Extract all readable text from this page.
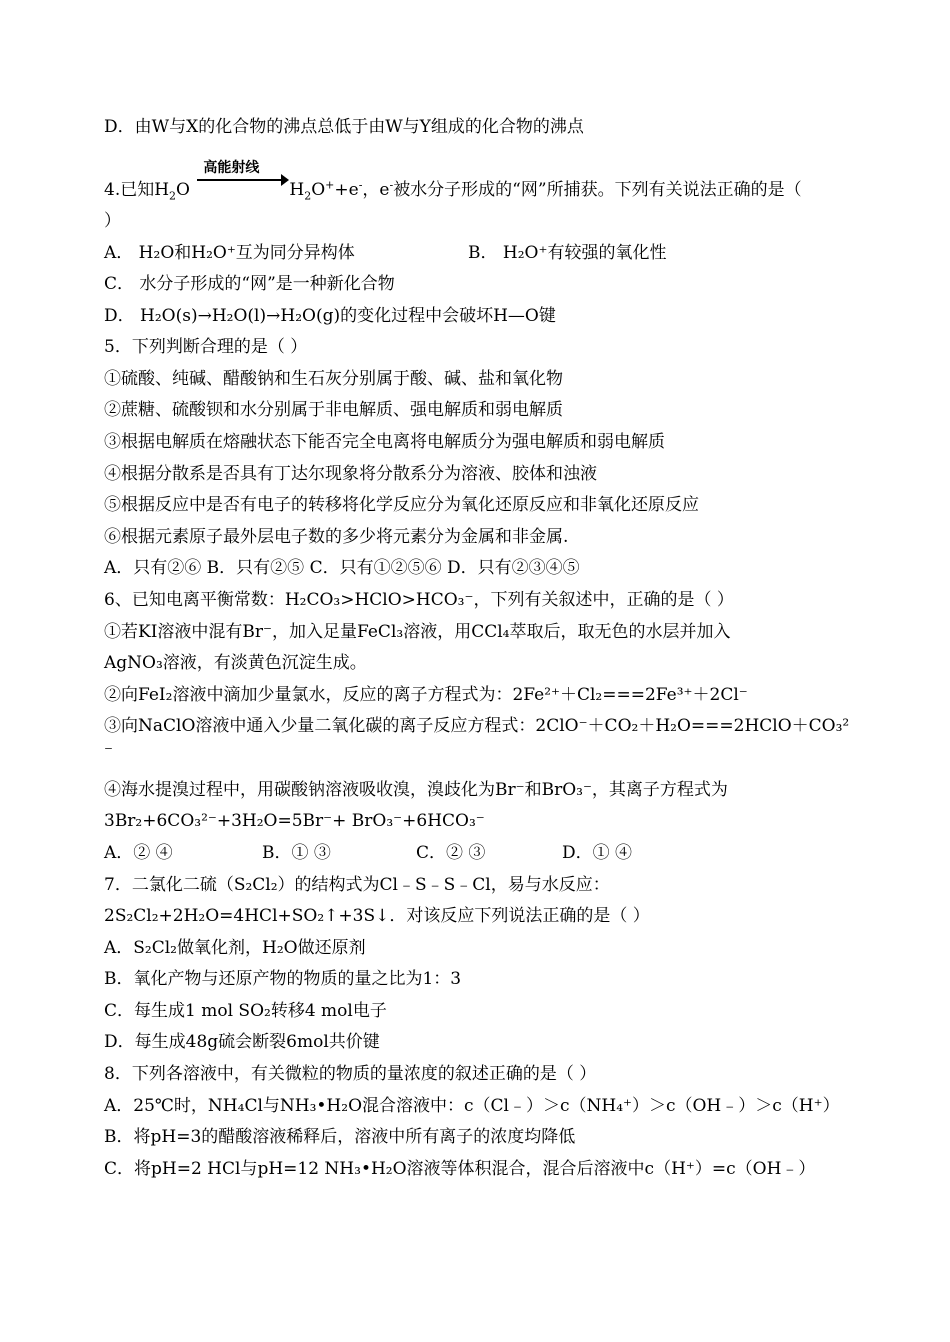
D．由W与X的化合物的沸点总低于由W与Y组成的化合物的沸点
4.已知$H_2O$
高能射线
$H_2O^++e^-$，e-被水分子形成的“网”所捕获。下列有关说法正确的是（
）
A． H₂O和H₂O⁺互为同分异构体	B． H₂O⁺有较强的氧化性
C． 水分子形成的“网”是一种新化合物
D． H₂O(s)→H₂O(l)→H₂O(g)的变化过程中会破坏H—O键
5．下列判断合理的是（ ）
①硫酸、纯碱、醋酸钠和生石灰分别属于酸、碱、盐和氧化物
②蔗糖、硫酸钡和水分别属于非电解质、强电解质和弱电解质
③根据电解质在熔融状态下能否完全电离将电解质分为强电解质和弱电解质
④根据分散系是否具有丁达尔现象将分散系分为溶液、胶体和浊液
⑤根据反应中是否有电子的转移将化学反应分为氧化还原反应和非氧化还原反应
⑥根据元素原子最外层电子数的多少将元素分为金属和非金属.
A．只有②⑥ B．只有②⑤ C．只有①②⑤⑥ D．只有②③④⑤
6、已知电离平衡常数：H₂CO₃>HClO>HCO₃⁻，下列有关叙述中，正确的是（ ）
①若KI溶液中混有Br⁻，加入足量FeCl₃溶液，用CCl₄萃取后，取无色的水层并加入
AgNO₃溶液，有淡黄色沉淀生成。
②向FeI₂溶液中滴加少量氯水，反应的离子方程式为：2Fe²⁺＋Cl₂===2Fe³⁺＋2Cl⁻
③向NaClO溶液中通入少量二氧化碳的离子反应方程式：2ClO⁻＋CO₂＋H₂O===2HClO＋CO₃²
⁻
④海水提溴过程中，用碳酸钠溶液吸收溴，溴歧化为Br⁻和BrO₃⁻，其离子方程式为
3Br₂+6CO₃²⁻+3H₂O=5Br⁻+ BrO₃⁻+6HCO₃⁻
A．② ④	B．① ③	C．② ③	D．① ④
7．二氯化二硫（S₂Cl₂）的结构式为Cl﹣S﹣S﹣Cl，易与水反应：
2S₂Cl₂+2H₂O=4HCl+SO₂↑+3S↓．对该反应下列说法正确的是（ ）
A．S₂Cl₂做氧化剂，H₂O做还原剂
B．氧化产物与还原产物的物质的量之比为1：3
C．每生成1 mol SO₂转移4 mol电子
D．每生成48g硫会断裂6mol共价键
8．下列各溶液中，有关微粒的物质的量浓度的叙述正确的是（ ）
A．25℃时，NH₄Cl与NH₃•H₂O混合溶液中：c（Cl﹣）＞c（NH₄⁺）＞c（OH﹣）＞c（H⁺）
B．将pH=3的醋酸溶液稀释后，溶液中所有离子的浓度均降低
C．将pH=2 HCl与pH=12 NH₃•H₂O溶液等体积混合，混合后溶液中c（H⁺）=c（OH﹣）
